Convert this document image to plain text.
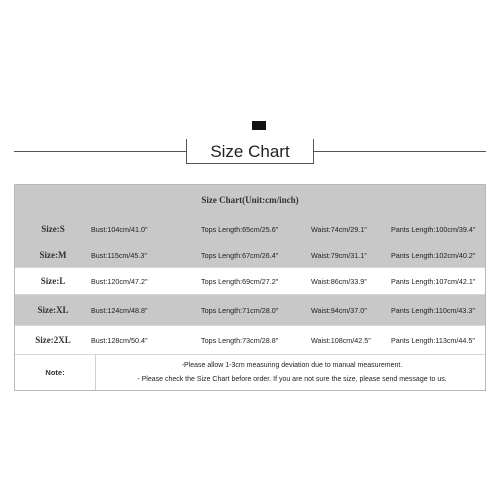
Size Chart
Size Chart(Unit:cm/inch)
Size:S	Bust:104cm/41.0"	Tops Length:65cm/25.6"	Waist:74cm/29.1"	Pants Length:100cm/39.4"
Size:M	Bust:115cm/45.3"	Tops Length:67cm/26.4"	Waist:79cm/31.1"	Pants Length:102cm/40.2"
Size:L	Bust:120cm/47.2"	Tops Length:69cm/27.2"	Waist:86cm/33.9"	Pants Length:107cm/42.1"
Size:XL	Bust:124cm/48.8"	Tops Length:71cm/28.0"	Waist:94cm/37.0"	Pants Length:110cm/43.3"
Size:2XL	Bust:128cm/50.4"	Tops Length:73cm/28.8"	Waist:108cm/42.5"	Pants Length:113cm/44.5"
Note:
-Please allow 1-3cm measuring deviation due to manual measurement.
- Please check the Size Chart before order. If you are not sure the size, please send message to us.
